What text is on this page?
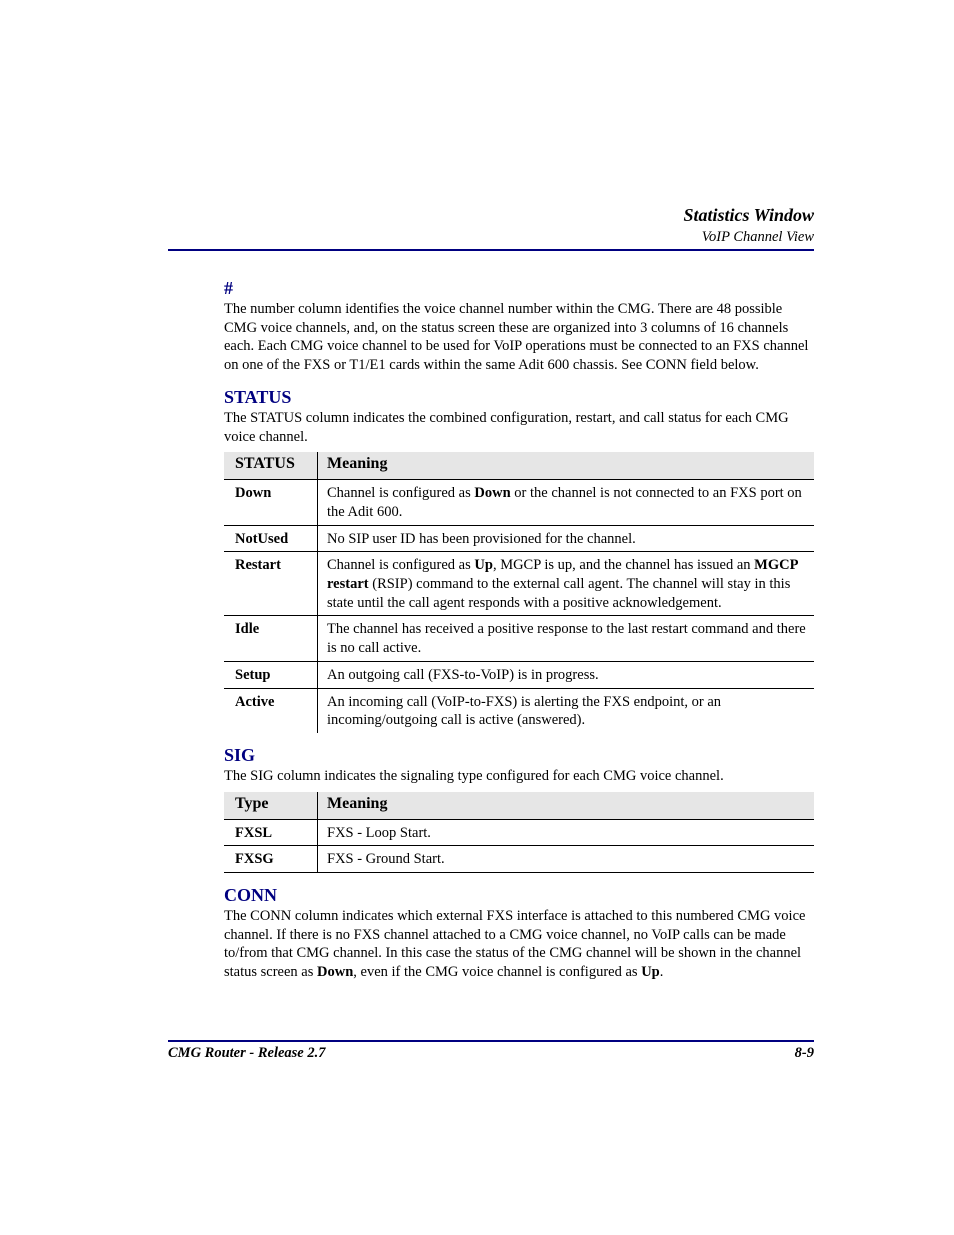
Statistics Window
VoIP Channel View
#

The number column identifies the voice channel number within the CMG. There are 48 possible CMG voice channels, and, on the status screen these are organized into 3 columns of 16 channels each. Each CMG voice channel to be used for VoIP operations must be connected to an FXS channel on one of the FXS or T1/E1 cards within the same Adit 600 chassis. See CONN field below.

STATUS

The STATUS column indicates the combined configuration, restart, and call status for each CMG voice channel.

STATUS	Meaning
Down	Channel is configured as Down or the channel is not connected to an FXS port on the Adit 600.
NotUsed	No SIP user ID has been provisioned for the channel.
Restart	Channel is configured as Up, MGCP is up, and the channel has issued an MGCP restart (RSIP) command to the external call agent. The channel will stay in this state until the call agent responds with a positive acknowledgement.
Idle	The channel has received a positive response to the last restart command and there is no call active.
Setup	An outgoing call (FXS-to-VoIP) is in progress.
Active	An incoming call (VoIP-to-FXS) is alerting the FXS endpoint, or an incoming/outgoing call is active (answered).
SIG

The SIG column indicates the signaling type configured for each CMG voice channel.

Type	Meaning
FXSL	FXS - Loop Start.
FXSG	FXS - Ground Start.
CONN

The CONN column indicates which external FXS interface is attached to this numbered CMG voice channel. If there is no FXS channel attached to a CMG voice channel, no VoIP calls can be made to/from that CMG channel. In this case the status of the CMG channel will be shown in the channel status screen as Down, even if the CMG voice channel is configured as Up.

CMG Router - Release 2.7	8-9
